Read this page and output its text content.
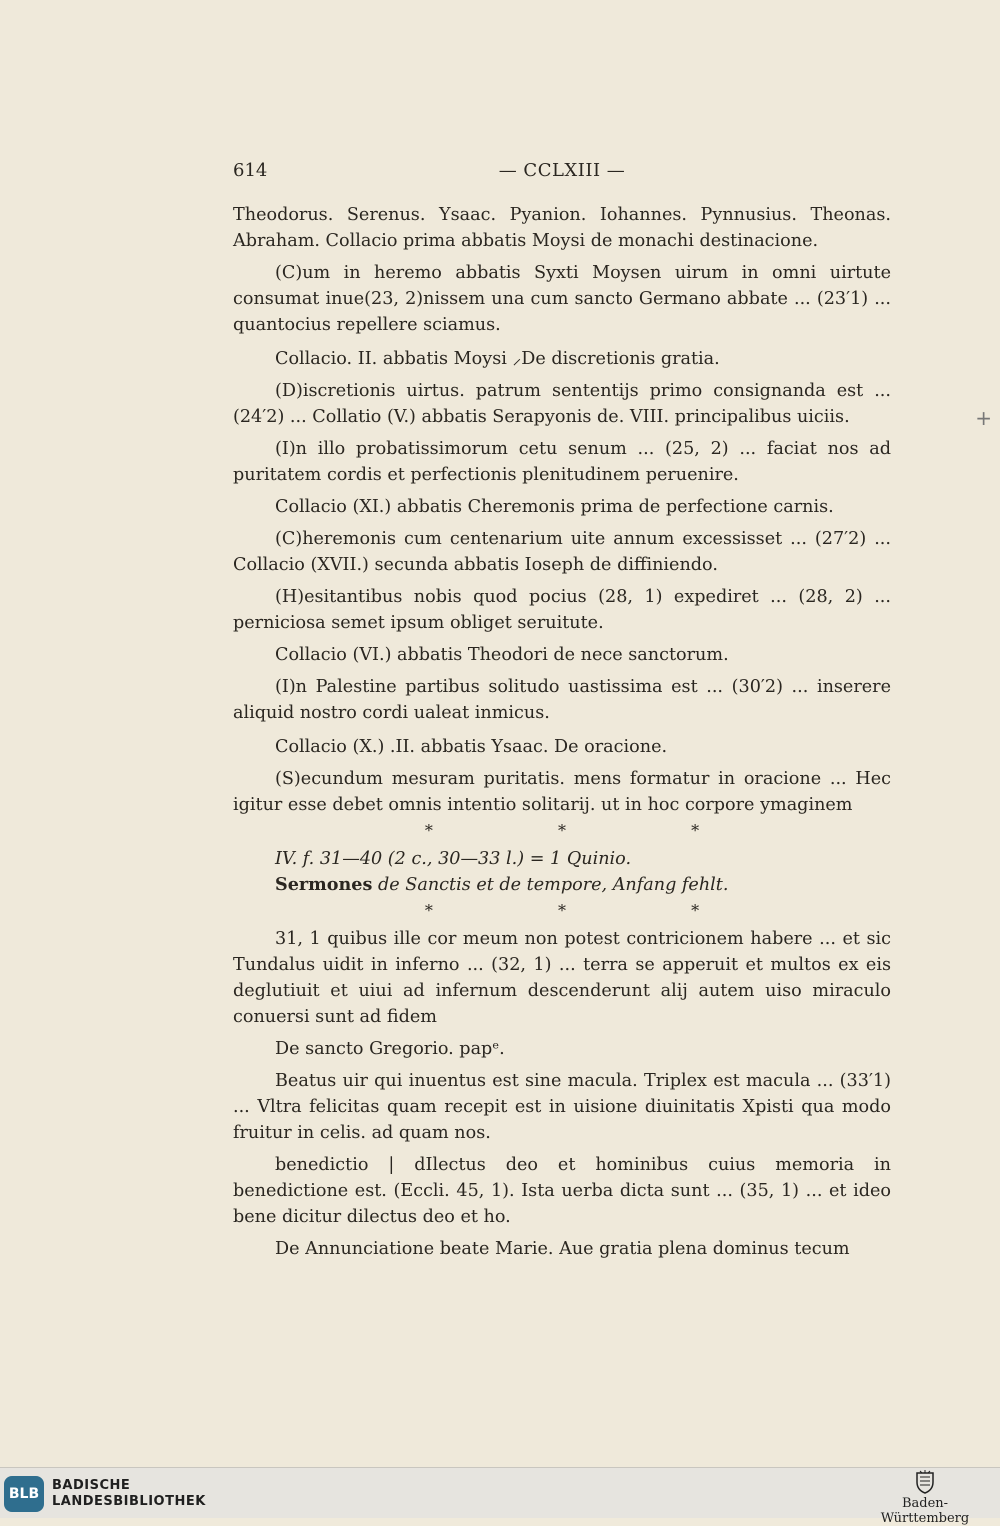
614	— CCLXIII —

Theodorus. Serenus. Ysaac. Pyanion. Iohannes. Pynnusius. Theonas. Abraham. Collacio prima abbatis Moysi de monachi destinacione.

(C)um in heremo abbatis Syxti Moysen uirum in omni uirtute consumat inue(23, 2)nissem una cum sancto Germano abbate ... (23′1) ... quantocius repellere sciamus.

Collacio. II. abbatis Moysi ⸝De discretionis gratia.

(D)iscretionis uirtus. patrum sententijs primo consignanda est ... (24′2) ... Collatio (V.) abbatis Serapyonis de. VIII. principalibus uiciis.

(I)n illo probatissimorum cetu senum ... (25, 2) ... faciat nos ad puritatem cordis et perfectionis plenitudinem peruenire.

Collacio (XI.) abbatis Cheremonis prima de perfectione carnis.

(C)heremonis cum centenarium uite annum excessisset ... (27′2) ... Collacio (XVII.) secunda abbatis Ioseph de diffiniendo.

(H)esitantibus nobis quod pocius (28, 1) expediret ... (28, 2) ... perniciosa semet ipsum obliget seruitute.

Collacio (VI.) abbatis Theodori de nece sanctorum.

(I)n Palestine partibus solitudo uastissima est ... (30′2) ... inserere aliquid nostro cordi ualeat inmicus.

Collacio (X.) .II. abbatis Ysaac. De oracione.

(S)ecundum mesuram puritatis. mens formatur in oracione ... Hec igitur esse debet omnis intentio solitarij. ut in hoc corpore ymaginem

* * *

IV. f. 31—40 (2 c., 30—33 l.) = 1 Quinio.

Sermones de Sanctis et de tempore, Anfang fehlt.

* * *

31, 1 quibus ille cor meum non potest contricionem habere ... et sic Tundalus uidit in inferno ... (32, 1) ... terra se apperuit et multos ex eis deglutiuit et uiui ad infernum descenderunt alij autem uiso miraculo conuersi sunt ad fidem

De sancto Gregorio. papᵉ.

Beatus uir qui inuentus est sine macula. Triplex est macula ... (33′1) ... Vltra felicitas quam recepit est in uisione diuinitatis Xpisti qua modo fruitur in celis. ad quam nos.

benedictio | dIlectus deo et hominibus cuius memoria in benedictione est. (Eccli. 45, 1). Ista uerba dicta sunt ... (35, 1) ... et ideo bene dicitur dilectus deo et ho.

De Annunciatione beate Marie. Aue gratia plena dominus tecum

+
BLB
BADISCHE
LANDESBIBLIOTHEK	Baden-Württemberg
